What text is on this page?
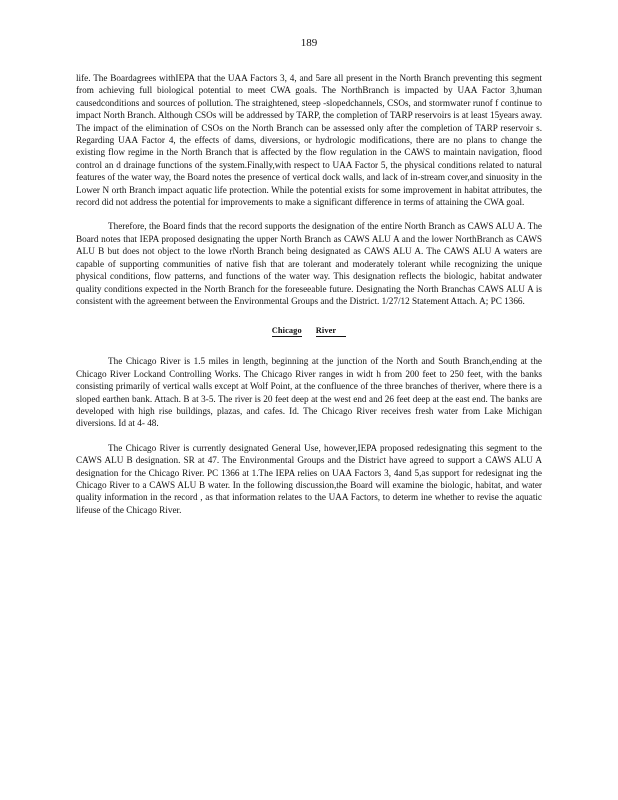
189

life. The Boardagrees withIEPA that the UAA Factors 3, 4, and 5are all present in the North Branch preventing this segment from achieving full biological potential to meet CWA goals. The NorthBranch is impacted by UAA Factor 3,human causedconditions and sources of pollution. The straightened, steep -slopedchannels, CSOs, and stormwater runof f continue to impact North Branch. Although CSOs will be addressed by TARP, the completion of TARP reservoirs is at least 15years away. The impact of the elimination of CSOs on the North Branch can be assessed only after the completion of TARP reservoir s. Regarding UAA Factor 4, the effects of dams, diversions, or hydrologic modifications, there are no plans to change the existing flow regime in the North Branch that is affected by the flow regulation in the CAWS to maintain navigation, flood control an d drainage functions of the system.Finally,with respect to UAA Factor 5, the physical conditions related to natural features of the water way, the Board notes the presence of vertical dock walls, and lack of in-stream cover,and sinuosity in the Lower N orth Branch impact aquatic life protection. While the potential exists for some improvement in habitat attributes, the record did not address the potential for improvements to make a significant difference in terms of attaining the CWA goal.

Therefore, the Board finds that the record supports the designation of the entire North Branch as CAWS ALU A. The Board notes that IEPA proposed designating the upper North Branch as CAWS ALU A and the lower NorthBranch as CAWS ALU B but does not object to the lowe rNorth Branch being designated as CAWS ALU A. The CAWS ALU A waters are capable of supporting communities of native fish that are tolerant and moderately tolerant while recognizing the unique physical conditions, flow patterns, and functions of the water way. This designation reflects the biologic, habitat andwater quality conditions expected in the North Branch for the foreseeable future. Designating the North Branchas CAWS ALU A is consistent with the agreement between the Environmental Groups and the District. 1/27/12 Statement Attach. A; PC 1366.

Chicago River

The Chicago River is 1.5 miles in length, beginning at the junction of the North and South Branch,ending at the Chicago River Lockand Controlling Works. The Chicago River ranges in widt h from 200 feet to 250 feet, with the banks consisting primarily of vertical walls except at Wolf Point, at the confluence of the three branches of theriver, where there is a sloped earthen bank. Attach. B at 3-5. The river is 20 feet deep at the west end and 26 feet deep at the east end. The banks are developed with high rise buildings, plazas, and cafes. Id. The Chicago River receives fresh water from Lake Michigan diversions. Id at 4- 48.

The Chicago River is currently designated General Use, however,IEPA proposed redesignating this segment to the CAWS ALU B designation. SR at 47. The Environmental Groups and the District have agreed to support a CAWS ALU A designation for the Chicago River. PC 1366 at 1.The IEPA relies on UAA Factors 3, 4and 5,as support for redesignat ing the Chicago River to a CAWS ALU B water. In the following discussion,the Board will examine the biologic, habitat, and water quality information in the record , as that information relates to the UAA Factors, to determ ine whether to revise the aquatic lifeuse of the Chicago River.
